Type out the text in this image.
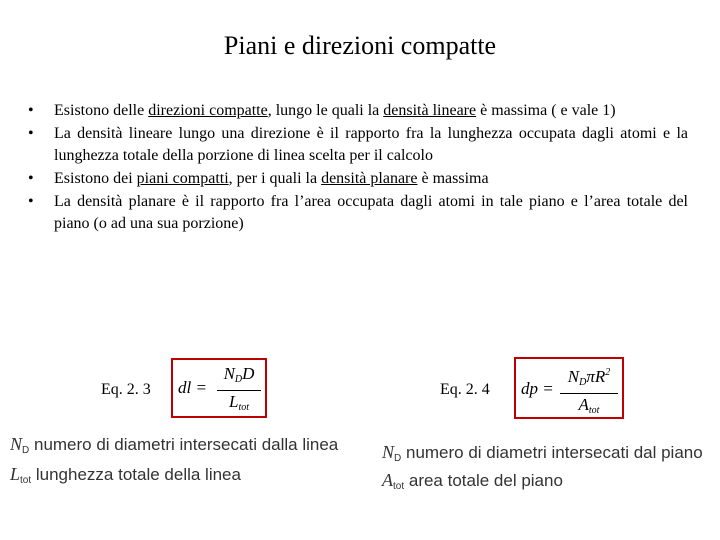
Piani e direzioni compatte
• Esistono delle direzioni compatte, lungo le quali la densità lineare è massima ( e vale 1)
• La densità lineare lungo una direzione è il rapporto fra la lunghezza occupata dagli atomi e la lunghezza totale della porzione di linea scelta per il calcolo
• Esistono dei piani compatti, per i quali la densità planare è massima
• La densità planare è il rapporto fra l’area occupata dagli atomi in tale piano e l’area totale del piano (o ad una sua porzione)
Eq. 2. 3 dl =
$N_DD$
$L_{tot}$
Eq. 2. 4 dp =
$N_D\pi R^2$
$A_{tot}$
$N_D$ numero di diametri intersecati dalla linea
$L_{tot}$ lunghezza totale della linea
$N_D$ numero di diametri intersecati dal piano
$A_{tot}$ area totale del piano
